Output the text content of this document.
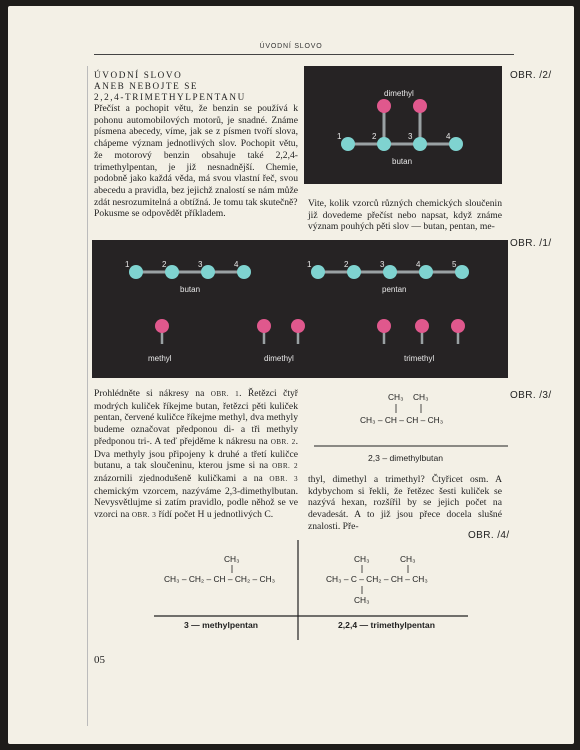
ÚVODNÍ SLOVO
ÚVODNÍ SLOVO
ANEB NEBOJTE SE
2,2,4-TRIMETHYLPENTANU

Přečíst a pochopit větu, že benzin se používá k pohonu automobilových motorů, je snadné. Známe písmena abecedy, víme, jak se z písmen tvoří slova, chápeme význam jednotlivých slov. Pochopit větu, že motorový benzin obsahuje také 2,2,4-trimethylpentan, je již nesnadnější. Chemie, podobně jako každá věda, má svou vlastní řeč, svou abecedu a pravidla, bez jejichž znalostí se nám může zdát nesrozumitelná a obtížná. Je tomu tak skutečně?

Pokusme se odpovědět příkladem.

dimethyl
butan
1	2	3	4
OBR. /2/
Vite, kolik vzorců různých chemických sloučenin již dovedeme přečíst nebo napsat, když známe význam pouhých pěti slov — butan, pentan, me-
1	2	3	4
butan
1	2	3	4	5
pentan
methyl	dimethyl	trimethyl
OBR. /1/
Prohlédněte si nákresy na OBR. 1. Řetězci čtyř modrých kuliček říkejme butan, řetězci pěti kuliček pentan, červené kuličce říkejme methyl, dva methyly budeme označovat předponou di- a tři methyly předponou tri-. A teď přejděme k nákresu na OBR. 2. Dva methyly jsou připojeny k druhé a třetí kuličce butanu, a tak sloučeninu, kterou jsme si na OBR. 2 znázornili zjednodušeně kuličkami a na OBR. 3 chemickým vzorcem, nazýváme 2,3-dimethylbutan. Nevysvětlujme si zatím pravidlo, podle něhož se ve vzorci na OBR. 3 řídí počet H u jednotlivých C.
CH₃ CH₃
CH₃ – CH – CH – CH₃
2,3 – dimethylbutan
OBR. /3/
thyl, dimethyl a trimethyl? Čtyřicet osm. A kdybychom si řekli, že řetězec šesti kuliček se nazývá hexan, rozšířil by se jejich počet na devadesát. A to již jsou přece docela slušné znalosti. Pře-
OBR. /4/
CH₃
CH₃ – CH₂ – CH – CH₂ – CH₃
CH₃	CH₃
CH₃ – C – CH₂ – CH – CH₃
CH₃
3 — methylpentan	2,2,4 — trimethylpentan
05
